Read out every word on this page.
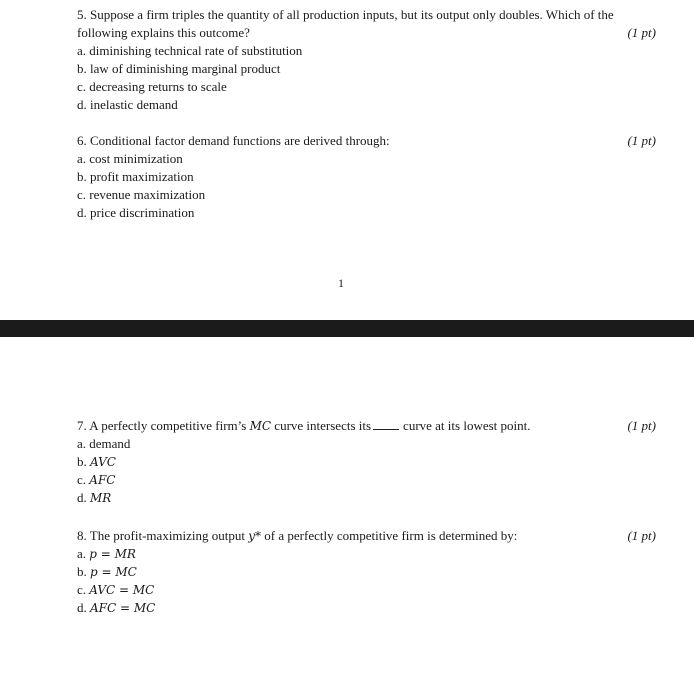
5. Suppose a firm triples the quantity of all production inputs, but its output only doubles. Which of the
following explains this outcome?	(1 pt)
a. diminishing technical rate of substitution
b. law of diminishing marginal product
c. decreasing returns to scale
d. inelastic demand
6. Conditional factor demand functions are derived through:	(1 pt)
a. cost minimization
b. profit maximization
c. revenue maximization
d. price discrimination
1
7. A perfectly competitive firm’s MC curve intersects its curve at its lowest point.	(1 pt)
a. demand
b. AVC
c. AFC
d. MR
8. The profit-maximizing output y* of a perfectly competitive firm is determined by:	(1 pt)
a. p = MR
b. p = MC
c. AVC = MC
d. AFC = MC
